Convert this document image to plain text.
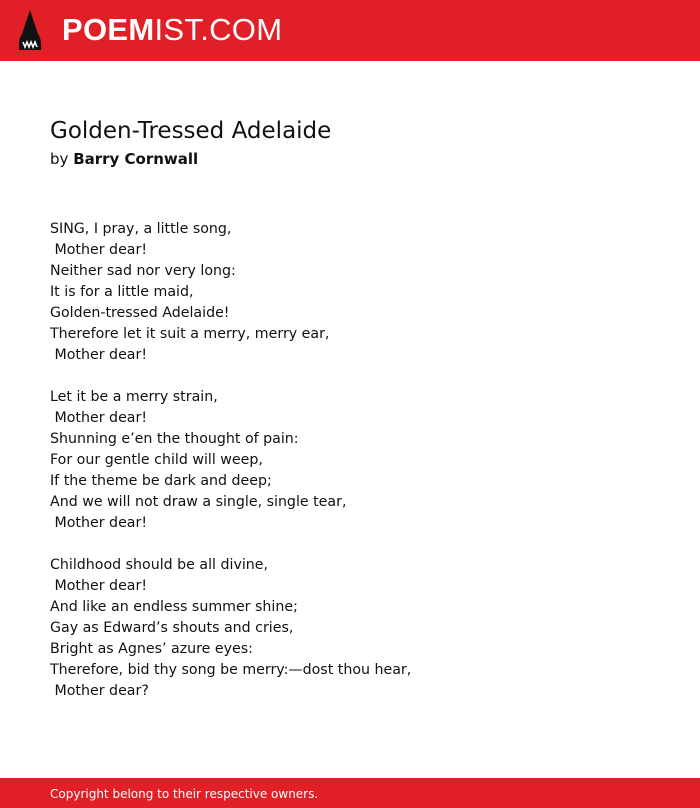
POEMIST.COM
Golden-Tressed Adelaide
by Barry Cornwall
SING, I pray, a little song,
Mother dear!
Neither sad nor very long:
It is for a little maid,
Golden-tressed Adelaide!
Therefore let it suit a merry, merry ear,
Mother dear!
Let it be a merry strain,
Mother dear!
Shunning e’en the thought of pain:
For our gentle child will weep,
If the theme be dark and deep;
And we will not draw a single, single tear,
Mother dear!
Childhood should be all divine,
Mother dear!
And like an endless summer shine;
Gay as Edward’s shouts and cries,
Bright as Agnes’ azure eyes:
Therefore, bid thy song be merry:—dost thou hear,
Mother dear?
Copyright belong to their respective owners.
